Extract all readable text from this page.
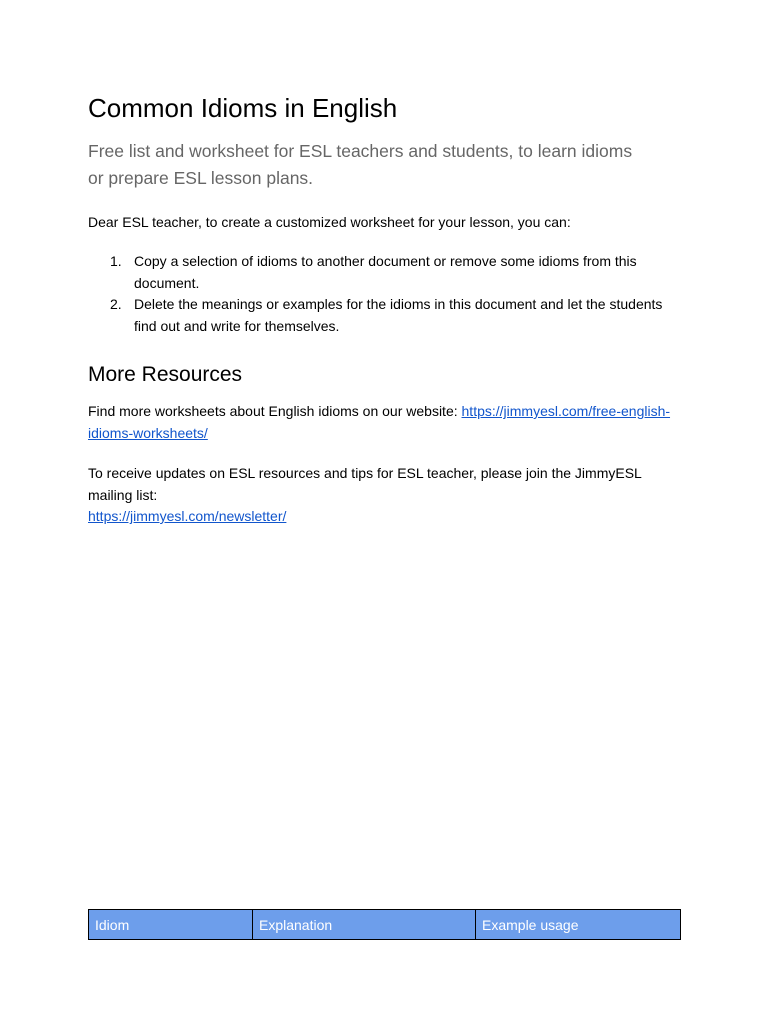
Common Idioms in English

Free list and worksheet for ESL teachers and students, to learn idioms or prepare ESL lesson plans.

Dear ESL teacher, to create a customized worksheet for your lesson, you can:

1. Copy a selection of idioms to another document or remove some idioms from this document.
2. Delete the meanings or examples for the idioms in this document and let the students find out and write for themselves.
More Resources

Find more worksheets about English idioms on our website: https://jimmyesl.com/free-english-idioms-worksheets/

To receive updates on ESL resources and tips for ESL teacher, please join the JimmyESL mailing list:
https://jimmyesl.com/newsletter/

Idiom	Explanation	Example usage
